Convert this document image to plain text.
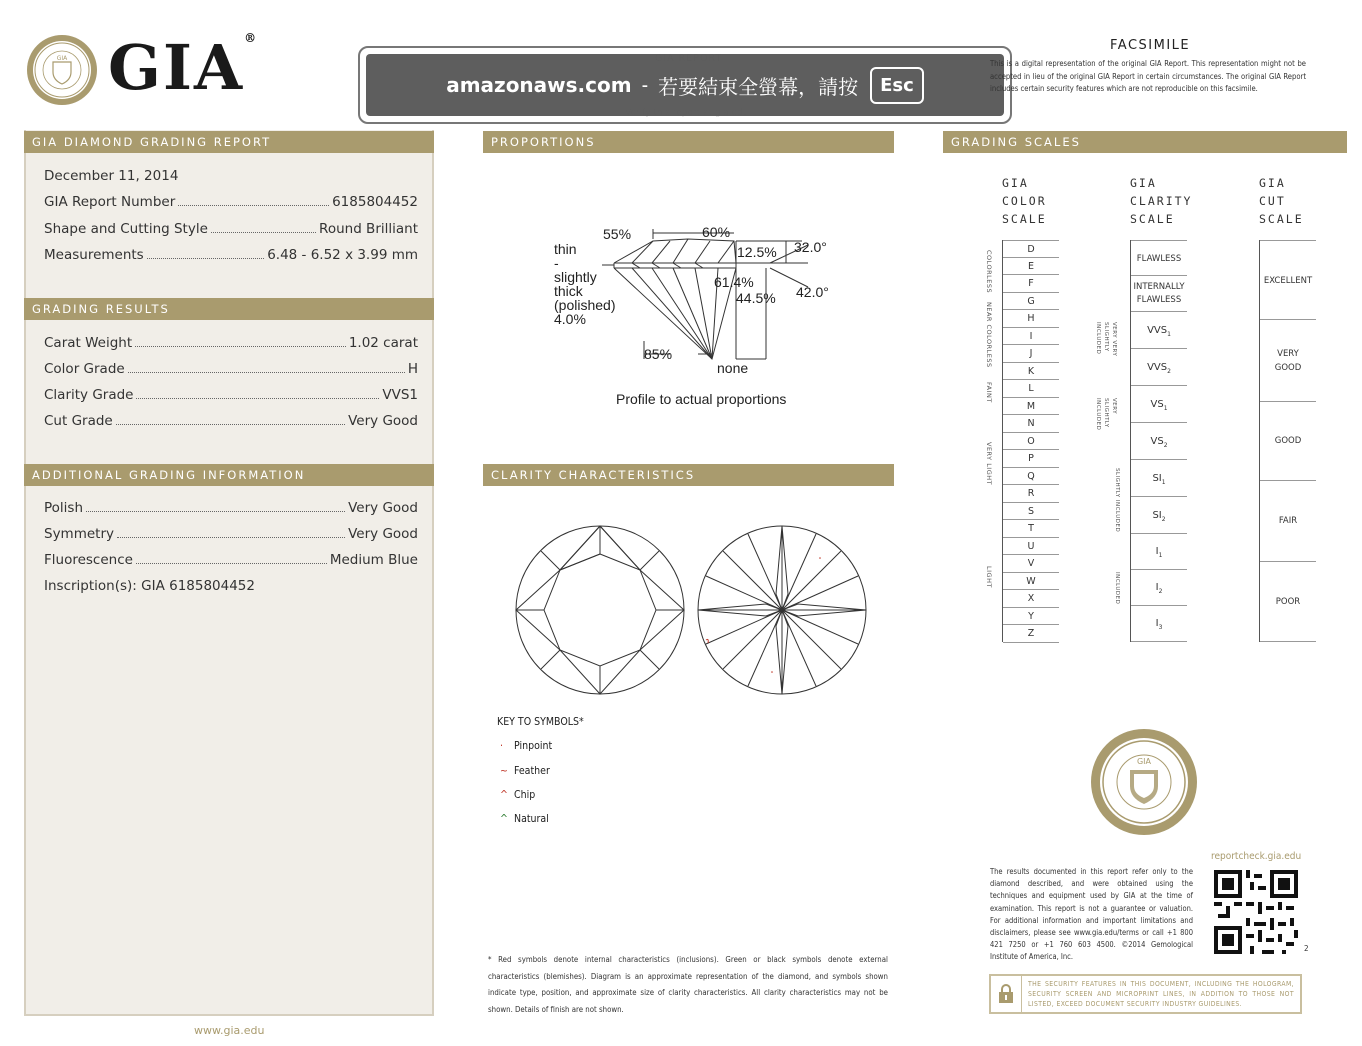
GIA GIA®
amazonaws.com - 若要結束全螢幕，請按	Esc
FACSIMILE
This is a digital representation of the original GIA Report. This representation might not be accepted in lieu of the original GIA Report in certain circumstances. The original GIA Report includes certain security features which are not reproducible on this facsimile.
GIA DIAMOND GRADING REPORT
December 11, 2014
GIA Report Number	6185804452
Shape and Cutting Style	Round Brilliant
Measurements	6.48 - 6.52 x 3.99 mm
GRADING RESULTS
Carat Weight	1.02 carat
Color Grade	H
Clarity Grade	VVS1
Cut Grade	Very Good
ADDITIONAL GRADING INFORMATION
Polish	Very Good
Symmetry	Very Good
Fluorescence	Medium Blue
Inscription(s): GIA 6185804452
www.gia.edu
PROPORTIONS
55%	60%
12.5% 32.0°
61.4%
44.5% 42.0°
85%
none
thin
-
slightly
thick
(polished)
4.0%
Profile to actual proportions
CLARITY CHARACTERISTICS
KEY TO SYMBOLS*
· Pinpoint
~ Feather
^ Chip
^ Natural
* Red symbols denote internal characteristics (inclusions). Green or black symbols denote external characteristics (blemishes). Diagram is an approximate representation of the diamond, and symbols shown indicate type, position, and approximate size of clarity characteristics. All clarity characteristics may not be shown. Details of finish are not shown.
GRADING SCALES
GIA
COLOR
SCALE
GIA
CLARITY
SCALE
GIA
CUT
SCALE
D
E
F
G
H
I
J
K
L
M
N
O
P
Q
R
S
T
U
V
W
X
Y
Z
COLORLESS
NEAR COLORLESS
FAINT
VERY LIGHT
LIGHT
FLAWLESS
INTERNALLY FLAWLESS
$VVS_1$
$VVS_2$
$VS_1$
$VS_2$
$SI_1$
$SI_2$
$I_1$
$I_2$
$I_3$
VERY VERY SLIGHTLY INCLUDED
VERY SLIGHTLY INCLUDED
SLIGHTLY INCLUDED
INCLUDED
EXCELLENT
VERY GOOD
GOOD
FAIR
POOR
GIA
reportcheck.gia.edu
2
The results documented in this report refer only to the diamond described, and were obtained using the techniques and equipment used by GIA at the time of examination. This report is not a guarantee or valuation. For additional information and important limitations and disclaimers, please see www.gia.edu/terms or call +1 800 421 7250 or +1 760 603 4500. ©2014 Gemological Institute of America, Inc.
THE SECURITY FEATURES IN THIS DOCUMENT, INCLUDING THE HOLOGRAM, SECURITY SCREEN AND MICROPRINT LINES, IN ADDITION TO THOSE NOT LISTED, EXCEED DOCUMENT SECURITY INDUSTRY GUIDELINES.
